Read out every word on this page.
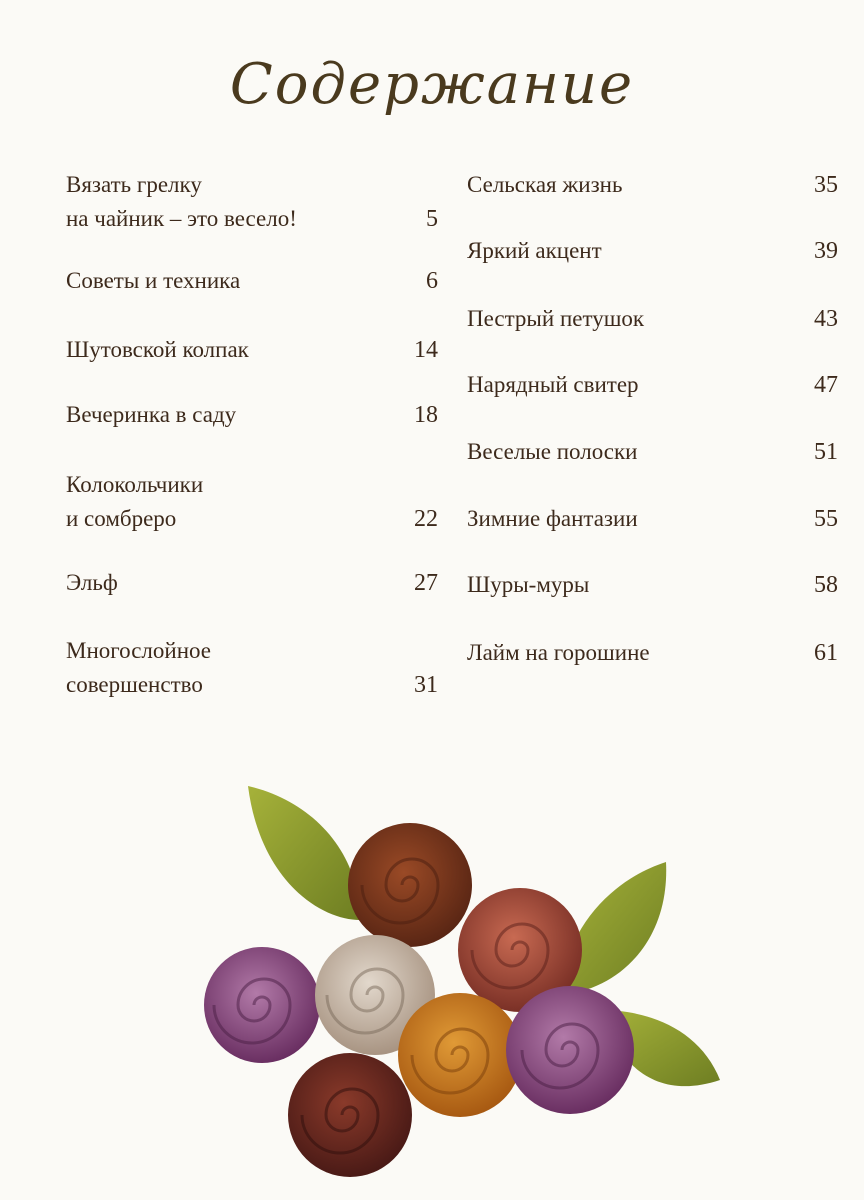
Содержание
Вязать грелку
на чайник – это весело!	5
Советы и техника	6
Шутовской колпак	14
Вечеринка в саду	18
Колокольчики
и сомбреро	22
Эльф	27
Многослойное
совершенство	31
Сельская жизнь	35
Яркий акцент	39
Пестрый петушок	43
Нарядный свитер	47
Веселые полоски	51
Зимние фантазии	55
Шуры-муры	58
Лайм на горошине	61
